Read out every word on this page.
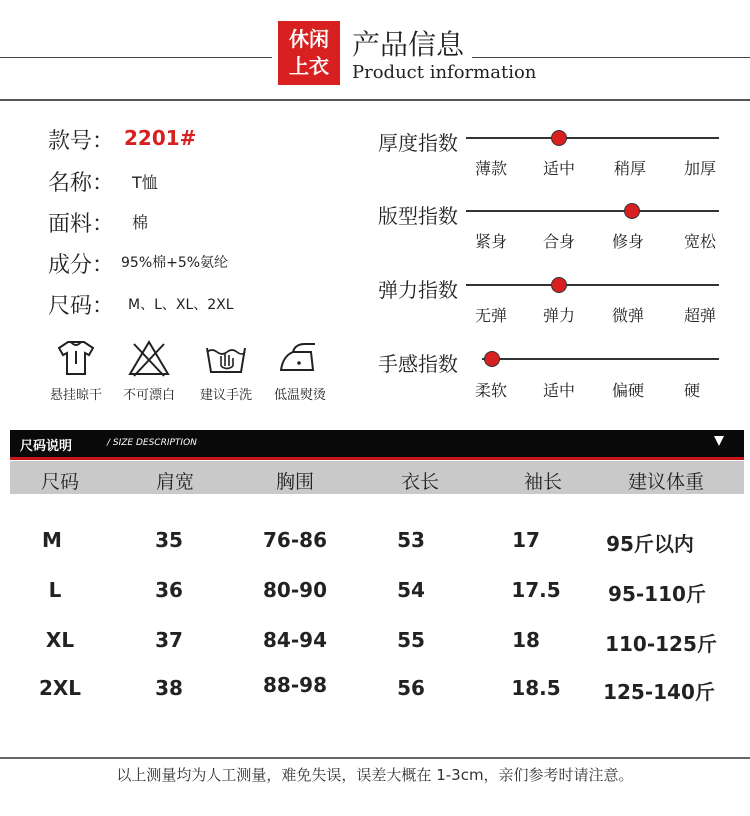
休闲
上衣
产品信息
Product information
款号： 2201#
名称： T恤
面料： 棉
成分： 95%棉+5%氨纶
尺码： M、L、XL、2XL
悬挂晾干	不可漂白	建议手洗	低温熨烫
厚度指数
薄款	适中	稍厚	加厚
版型指数
紧身	合身	修身	宽松
弹力指数
无弹	弹力	微弹	超弹
手感指数
柔软	适中	偏硬	硬
尺码说明	/ SIZE DESCRIPTION
尺码	肩宽	胸围	衣长	袖长	建议体重
M	35	76-86	53	17	95斤以内
L	36	80-90	54	17.5	95-110斤
XL	37	84-94	55	18	110-125斤
2XL	38	88-98	56	18.5	125-140斤
以上测量均为人工测量，难免失误，误差大概在 1-3cm，亲们参考时请注意。
